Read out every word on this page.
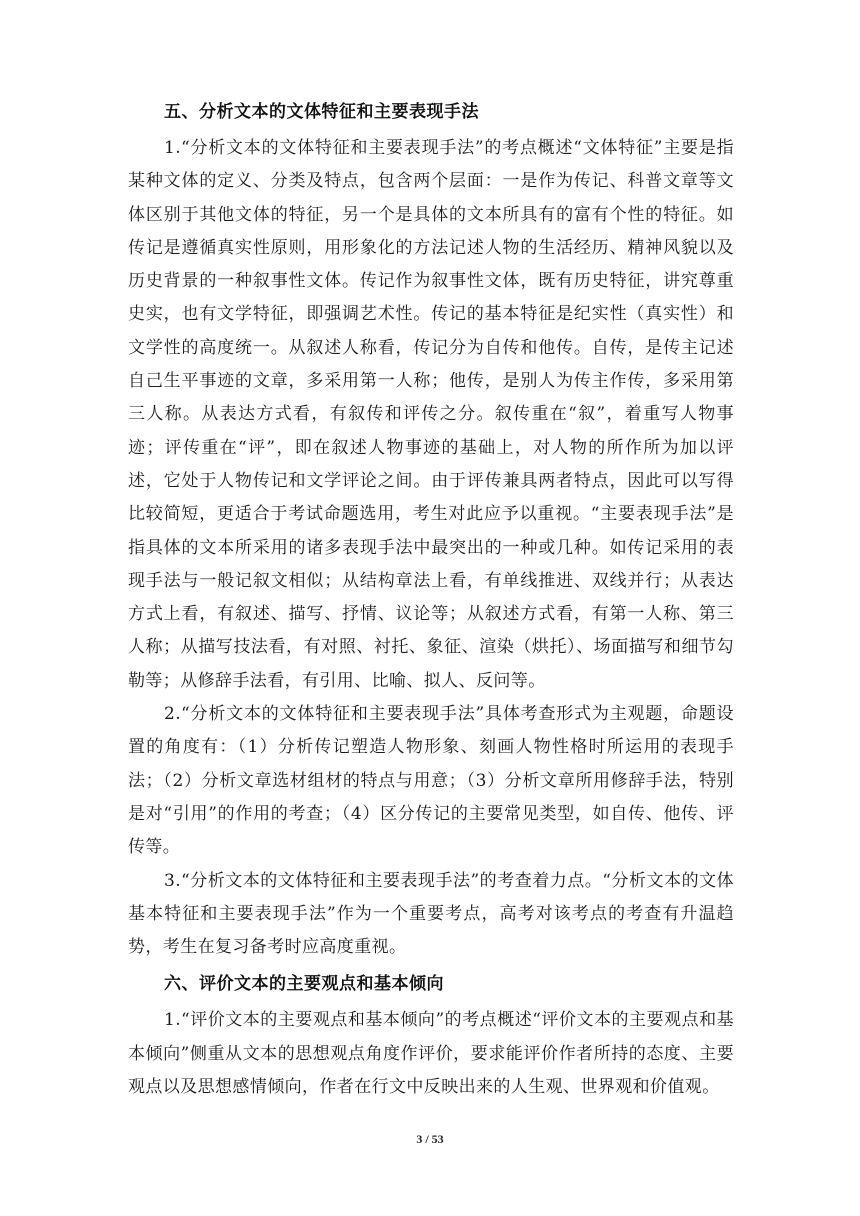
五、分析文本的文体特征和主要表现手法

1.“分析文本的文体特征和主要表现手法”的考点概述“文体特征”主要是指某种文体的定义、分类及特点，包含两个层面：一是作为传记、科普文章等文体区别于其他文体的特征，另一个是具体的文本所具有的富有个性的特征。如传记是遵循真实性原则，用形象化的方法记述人物的生活经历、精神风貌以及历史背景的一种叙事性文体。传记作为叙事性文体，既有历史特征，讲究尊重史实，也有文学特征，即强调艺术性。传记的基本特征是纪实性（真实性）和文学性的高度统一。从叙述人称看，传记分为自传和他传。自传，是传主记述自己生平事迹的文章，多采用第一人称；他传，是别人为传主作传，多采用第三人称。从表达方式看，有叙传和评传之分。叙传重在“叙”，着重写人物事迹；评传重在“评”，即在叙述人物事迹的基础上，对人物的所作所为加以评述，它处于人物传记和文学评论之间。由于评传兼具两者特点，因此可以写得比较简短，更适合于考试命题选用，考生对此应予以重视。“主要表现手法”是指具体的文本所采用的诸多表现手法中最突出的一种或几种。如传记采用的表现手法与一般记叙文相似；从结构章法上看，有单线推进、双线并行；从表达方式上看，有叙述、描写、抒情、议论等；从叙述方式看，有第一人称、第三人称；从描写技法看，有对照、衬托、象征、渲染（烘托）、场面描写和细节勾勒等；从修辞手法看，有引用、比喻、拟人、反问等。

2.“分析文本的文体特征和主要表现手法”具体考查形式为主观题，命题设置的角度有：（1）分析传记塑造人物形象、刻画人物性格时所运用的表现手法；（2）分析文章选材组材的特点与用意；（3）分析文章所用修辞手法，特别是对“引用”的作用的考查；（4）区分传记的主要常见类型，如自传、他传、评传等。

3.“分析文本的文体特征和主要表现手法”的考查着力点。“分析文本的文体基本特征和主要表现手法”作为一个重要考点，高考对该考点的考查有升温趋势，考生在复习备考时应高度重视。

六、评价文本的主要观点和基本倾向

1.“评价文本的主要观点和基本倾向”的考点概述“评价文本的主要观点和基本倾向”侧重从文本的思想观点角度作评价，要求能评价作者所持的态度、主要观点以及思想感情倾向，作者在行文中反映出来的人生观、世界观和价值观。

3 / 53
